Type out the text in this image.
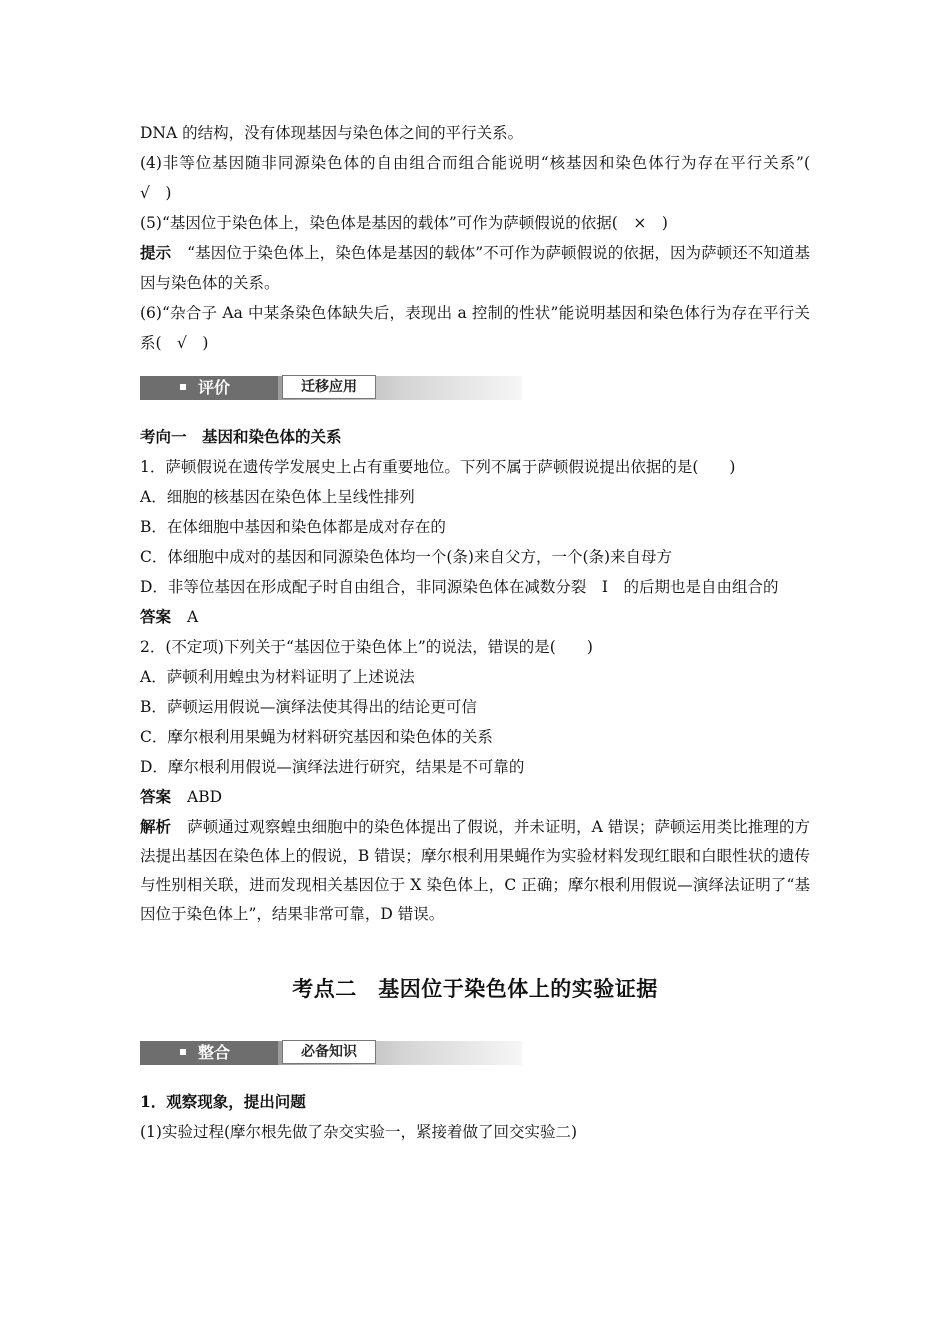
DNA 的结构，没有体现基因与染色体之间的平行关系。

(4)非等位基因随非同源染色体的自由组合而组合能说明“核基因和染色体行为存在平行关系”(　√　)

(5)“基因位于染色体上，染色体是基因的载体”可作为萨顿假说的依据(　×　)

提示 “基因位于染色体上，染色体是基因的载体”不可作为萨顿假说的依据，因为萨顿还不知道基因与染色体的关系。

(6)“杂合子 Aa 中某条染色体缺失后，表现出 a 控制的性状”能说明基因和染色体行为存在平行关系(　√　)

评价	迁移应用

考向一　基因和染色体的关系

1．萨顿假说在遗传学发展史上占有重要地位。下列不属于萨顿假说提出依据的是(　　)

A．细胞的核基因在染色体上呈线性排列

B．在体细胞中基因和染色体都是成对存在的

C．体细胞中成对的基因和同源染色体均一个(条)来自父方，一个(条)来自母方

D．非等位基因在形成配子时自由组合，非同源染色体在减数分裂　Ⅰ　的后期也是自由组合的

答案 A

2．(不定项)下列关于“基因位于染色体上”的说法，错误的是(　　)

A．萨顿利用蝗虫为材料证明了上述说法

B．萨顿运用假说—演绎法使其得出的结论更可信

C．摩尔根利用果蝇为材料研究基因和染色体的关系

D．摩尔根利用假说—演绎法进行研究，结果是不可靠的

答案 ABD

解析 萨顿通过观察蝗虫细胞中的染色体提出了假说，并未证明，A 错误；萨顿运用类比推理的方法提出基因在染色体上的假说，B 错误；摩尔根利用果蝇作为实验材料发现红眼和白眼性状的遗传与性别相关联，进而发现相关基因位于 X 染色体上，C 正确；摩尔根利用假说—演绎法证明了“基因位于染色体上”，结果非常可靠，D 错误。

考点二　基因位于染色体上的实验证据
整合	必备知识

1．观察现象，提出问题

(1)实验过程(摩尔根先做了杂交实验一，紧接着做了回交实验二)
